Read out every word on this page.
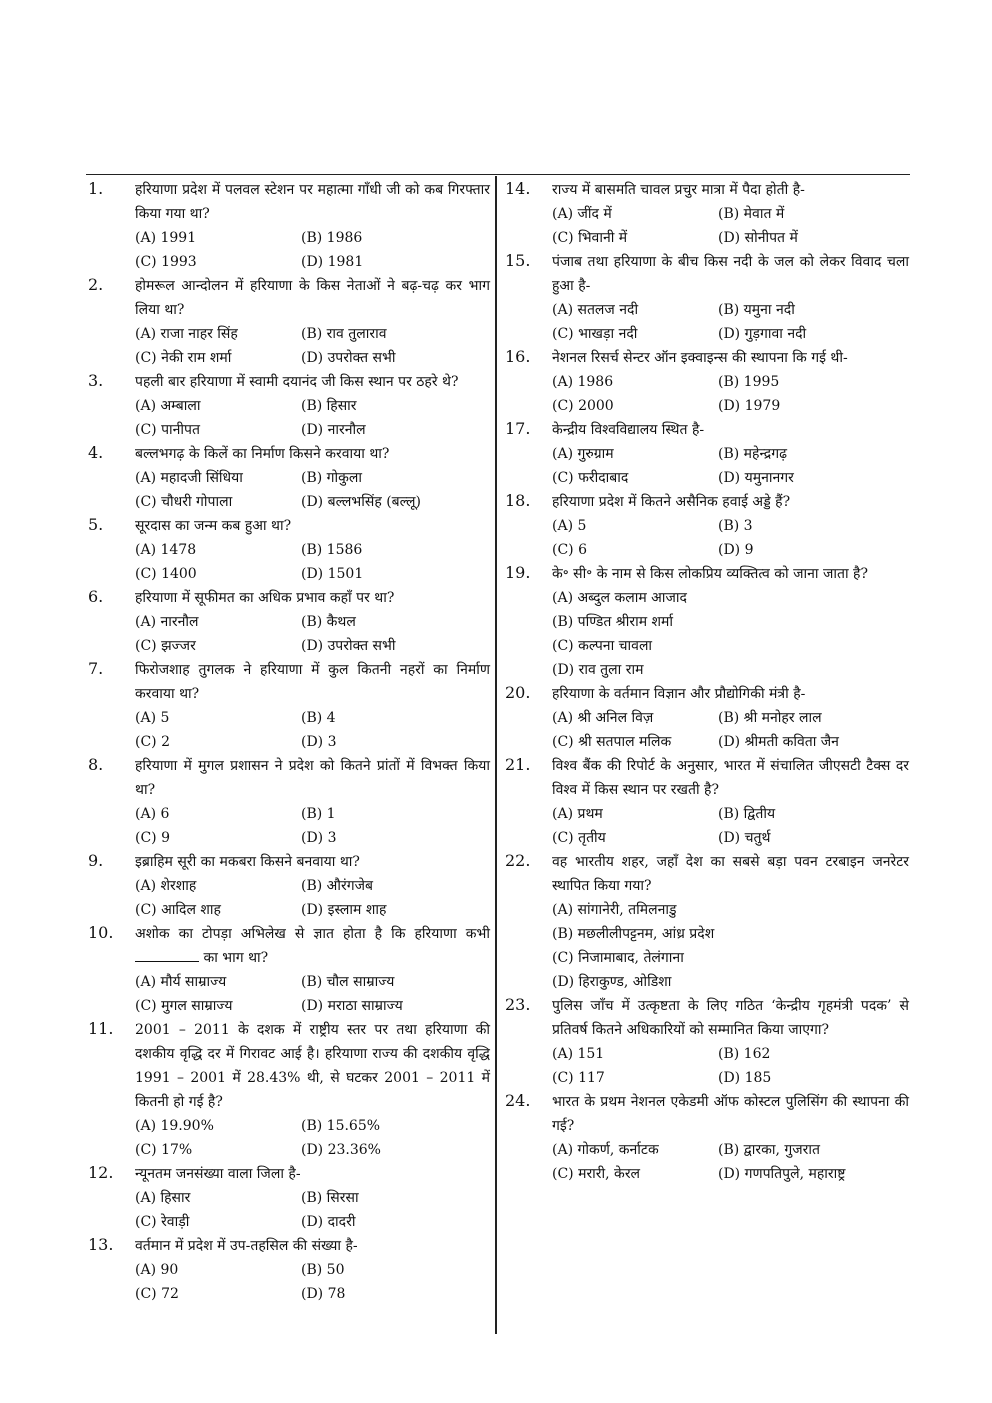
1. हरियाणा प्रदेश में पलवल स्टेशन पर महात्मा गाँधी जी को कब गिरफ्तार किया गया था?
(A) 1991	(B) 1986
(C) 1993	(D) 1981
2. होमरूल आन्दोलन में हरियाणा के किस नेताओं ने बढ़-चढ़ कर भाग लिया था?
(A) राजा नाहर सिंह	(B) राव तुलाराव
(C) नेकी राम शर्मा	(D) उपरोक्त सभी
3. पहली बार हरियाणा में स्वामी दयानंद जी किस स्थान पर ठहरे थे?
(A) अम्बाला	(B) हिसार
(C) पानीपत	(D) नारनौल
4. बल्लभगढ़ के किलें का निर्माण किसने करवाया था?
(A) महादजी सिंधिया	(B) गोकुला
(C) चौधरी गोपाला	(D) बल्लभसिंह (बल्लू)
5. सूरदास का जन्म कब हुआ था?
(A) 1478	(B) 1586
(C) 1400	(D) 1501
6. हरियाणा में सूफीमत का अधिक प्रभाव कहाँ पर था?
(A) नारनौल	(B) कैथल
(C) झज्जर	(D) उपरोक्त सभी
7. फिरोजशाह तुगलक ने हरियाणा में कुल कितनी नहरों का निर्माण करवाया था?
(A) 5	(B) 4
(C) 2	(D) 3
8. हरियाणा में मुगल प्रशासन ने प्रदेश को कितने प्रांतों में विभक्त किया था?
(A) 6	(B) 1
(C) 9	(D) 3
9. इब्राहिम सूरी का मकबरा किसने बनवाया था?
(A) शेरशाह	(B) औरंगजेब
(C) आदिल शाह	(D) इस्लाम शाह
10. अशोक का टोपड़ा अभिलेख से ज्ञात होता है कि हरियाणा कभी  का भाग था?
(A) मौर्य साम्राज्य	(B) चौल साम्राज्य
(C) मुगल साम्राज्य	(D) मराठा साम्राज्य
11. 2001 – 2011 के दशक में राष्ट्रीय स्तर पर तथा हरियाणा की दशकीय वृद्धि दर में गिरावट आई है। हरियाणा राज्य की दशकीय वृद्धि 1991 – 2001 में 28.43% थी, से घटकर 2001 – 2011 में कितनी हो गई है?
(A) 19.90%	(B) 15.65%
(C) 17%	(D) 23.36%
12. न्यूनतम जनसंख्या वाला जिला है-
(A) हिसार	(B) सिरसा
(C) रेवाड़ी	(D) दादरी
13. वर्तमान में प्रदेश में उप-तहसिल की संख्या है-
(A) 90	(B) 50
(C) 72	(D) 78
14. राज्य में बासमति चावल प्रचुर मात्रा में पैदा होती है-
(A) जींद में	(B) मेवात में
(C) भिवानी में	(D) सोनीपत में
15. पंजाब तथा हरियाणा के बीच किस नदी के जल को लेकर विवाद चला हुआ है-
(A) सतलज नदी	(B) यमुना नदी
(C) भाखड़ा नदी	(D) गुड़गावा नदी
16. नेशनल रिसर्च सेन्टर ऑन इक्वाइन्स की स्थापना कि गई थी-
(A) 1986	(B) 1995
(C) 2000	(D) 1979
17. केन्द्रीय विश्वविद्यालय स्थित है-
(A) गुरुग्राम	(B) महेन्द्रगढ़
(C) फरीदाबाद	(D) यमुनानगर
18. हरियाणा प्रदेश में कितने असैनिक हवाई अड्डे हैं?
(A) 5	(B) 3
(C) 6	(D) 9
19. के॰ सी॰ के नाम से किस लोकप्रिय व्यक्तित्व को जाना जाता है?
(A) अब्दुल कलाम आजाद
(B) पण्डित श्रीराम शर्मा
(C) कल्पना चावला
(D) राव तुला राम
20. हरियाणा के वर्तमान विज्ञान और प्रौद्योगिकी मंत्री है-
(A) श्री अनिल विज़	(B) श्री मनोहर लाल
(C) श्री सतपाल मलिक	(D) श्रीमती कविता जैन
21. विश्व बैंक की रिपोर्ट के अनुसार, भारत में संचालित जीएसटी टैक्स दर विश्व में किस स्थान पर रखती है?
(A) प्रथम	(B) द्वितीय
(C) तृतीय	(D) चतुर्थ
22. वह भारतीय शहर, जहाँ देश का सबसे बड़ा पवन टरबाइन जनरेटर स्थापित किया गया?
(A) सांगानेरी, तमिलनाडु
(B) मछलीलीपट्टनम, आंध्र प्रदेश
(C) निजामाबाद, तेलंगाना
(D) हिराकुण्ड, ओडिशा
23. पुलिस जाँच में उत्कृष्टता के लिए गठित ‘केन्द्रीय गृहमंत्री पदक’ से प्रतिवर्ष कितने अधिकारियों को सम्मानित किया जाएगा?
(A) 151	(B) 162
(C) 117	(D) 185
24. भारत के प्रथम नेशनल एकेडमी ऑफ कोस्टल पुलिसिंग की स्थापना की गई?
(A) गोकर्ण, कर्नाटक	(B) द्वारका, गुजरात
(C) मरारी, केरल	(D) गणपतिपुले, महाराष्ट्र
